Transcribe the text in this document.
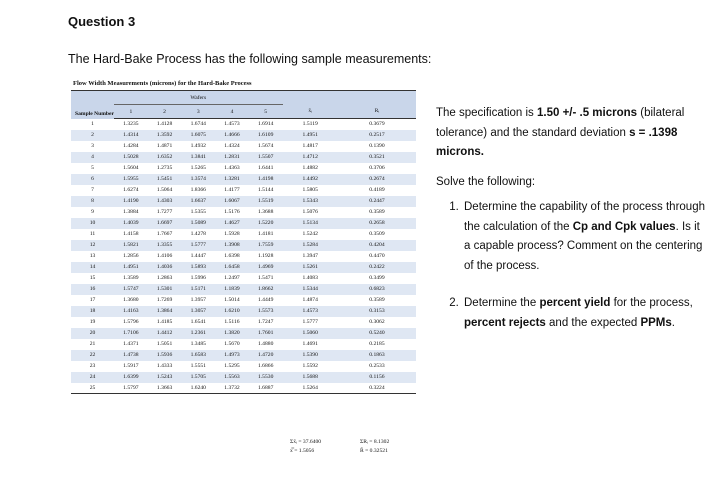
Question 3
The Hard-Bake Process has the following sample measurements:
Flow Width Measurements (microns) for the Hard-Bake Process
Sample Number	Wafers						
	1	2	3	4	5	x̄ᵢ	Rᵢ
1	1.3235	1.4128	1.6744	1.4573	1.6914	1.5119	0.3679
2	1.4314	1.3592	1.6075	1.4666	1.6109	1.4951	0.2517
3	1.4284	1.4871	1.4932	1.4324	1.5674	1.4817	0.1390
4	1.5028	1.6352	1.3841	1.2831	1.5507	1.4712	0.3521
5	1.5604	1.2735	1.5265	1.4363	1.6441	1.4882	0.3706
6	1.5955	1.5451	1.3574	1.3281	1.4198	1.4492	0.2674
7	1.6274	1.5064	1.8366	1.4177	1.5144	1.5805	0.4189
8	1.4190	1.4303	1.6637	1.6067	1.5519	1.5343	0.2447
9	1.3884	1.7277	1.5355	1.5176	1.3688	1.5076	0.3589
10	1.4039	1.6697	1.5089	1.4627	1.5220	1.5134	0.2658
11	1.4158	1.7667	1.4278	1.5928	1.4181	1.5242	0.3509
12	1.5821	1.3355	1.5777	1.3908	1.7559	1.5284	0.4204
13	1.2856	1.4106	1.4447	1.6398	1.1928	1.3947	0.4470
14	1.4951	1.4036	1.5893	1.6458	1.4969	1.5261	0.2422
15	1.3589	1.2863	1.5996	1.2497	1.5471	1.4083	0.3499
16	1.5747	1.5301	1.5171	1.1839	1.8662	1.5344	0.6823
17	1.3680	1.7269	1.3957	1.5014	1.4449	1.4874	0.3589
18	1.4163	1.3864	1.3057	1.6210	1.5573	1.4573	0.3153
19	1.5796	1.4185	1.6541	1.5116	1.7247	1.5777	0.3062
20	1.7106	1.4412	1.2361	1.3820	1.7601	1.5060	0.5240
21	1.4371	1.5051	1.3485	1.5670	1.4880	1.4691	0.2185
22	1.4738	1.5936	1.6583	1.4973	1.4720	1.5390	0.1863
23	1.5917	1.4333	1.5551	1.5295	1.6866	1.5592	0.2533
24	1.6399	1.5243	1.5705	1.5563	1.5530	1.5688	0.1156
25	1.5797	1.3663	1.6240	1.3732	1.6887	1.5264	0.3224
Σx̄ᵢ = 37.6400	ΣRᵢ = 8.1302
x̿ = 1.5056	R̄ = 0.32521

The specification is 1.50 +/- .5 microns (bilateral tolerance) and the standard deviation s = .1398 microns.

Solve the following:

1. Determine the capability of the process through the calculation of the Cp and Cpk values. Is it a capable process? Comment on the centering of the process.
2. Determine the percent yield for the process, percent rejects and the expected PPMs.
